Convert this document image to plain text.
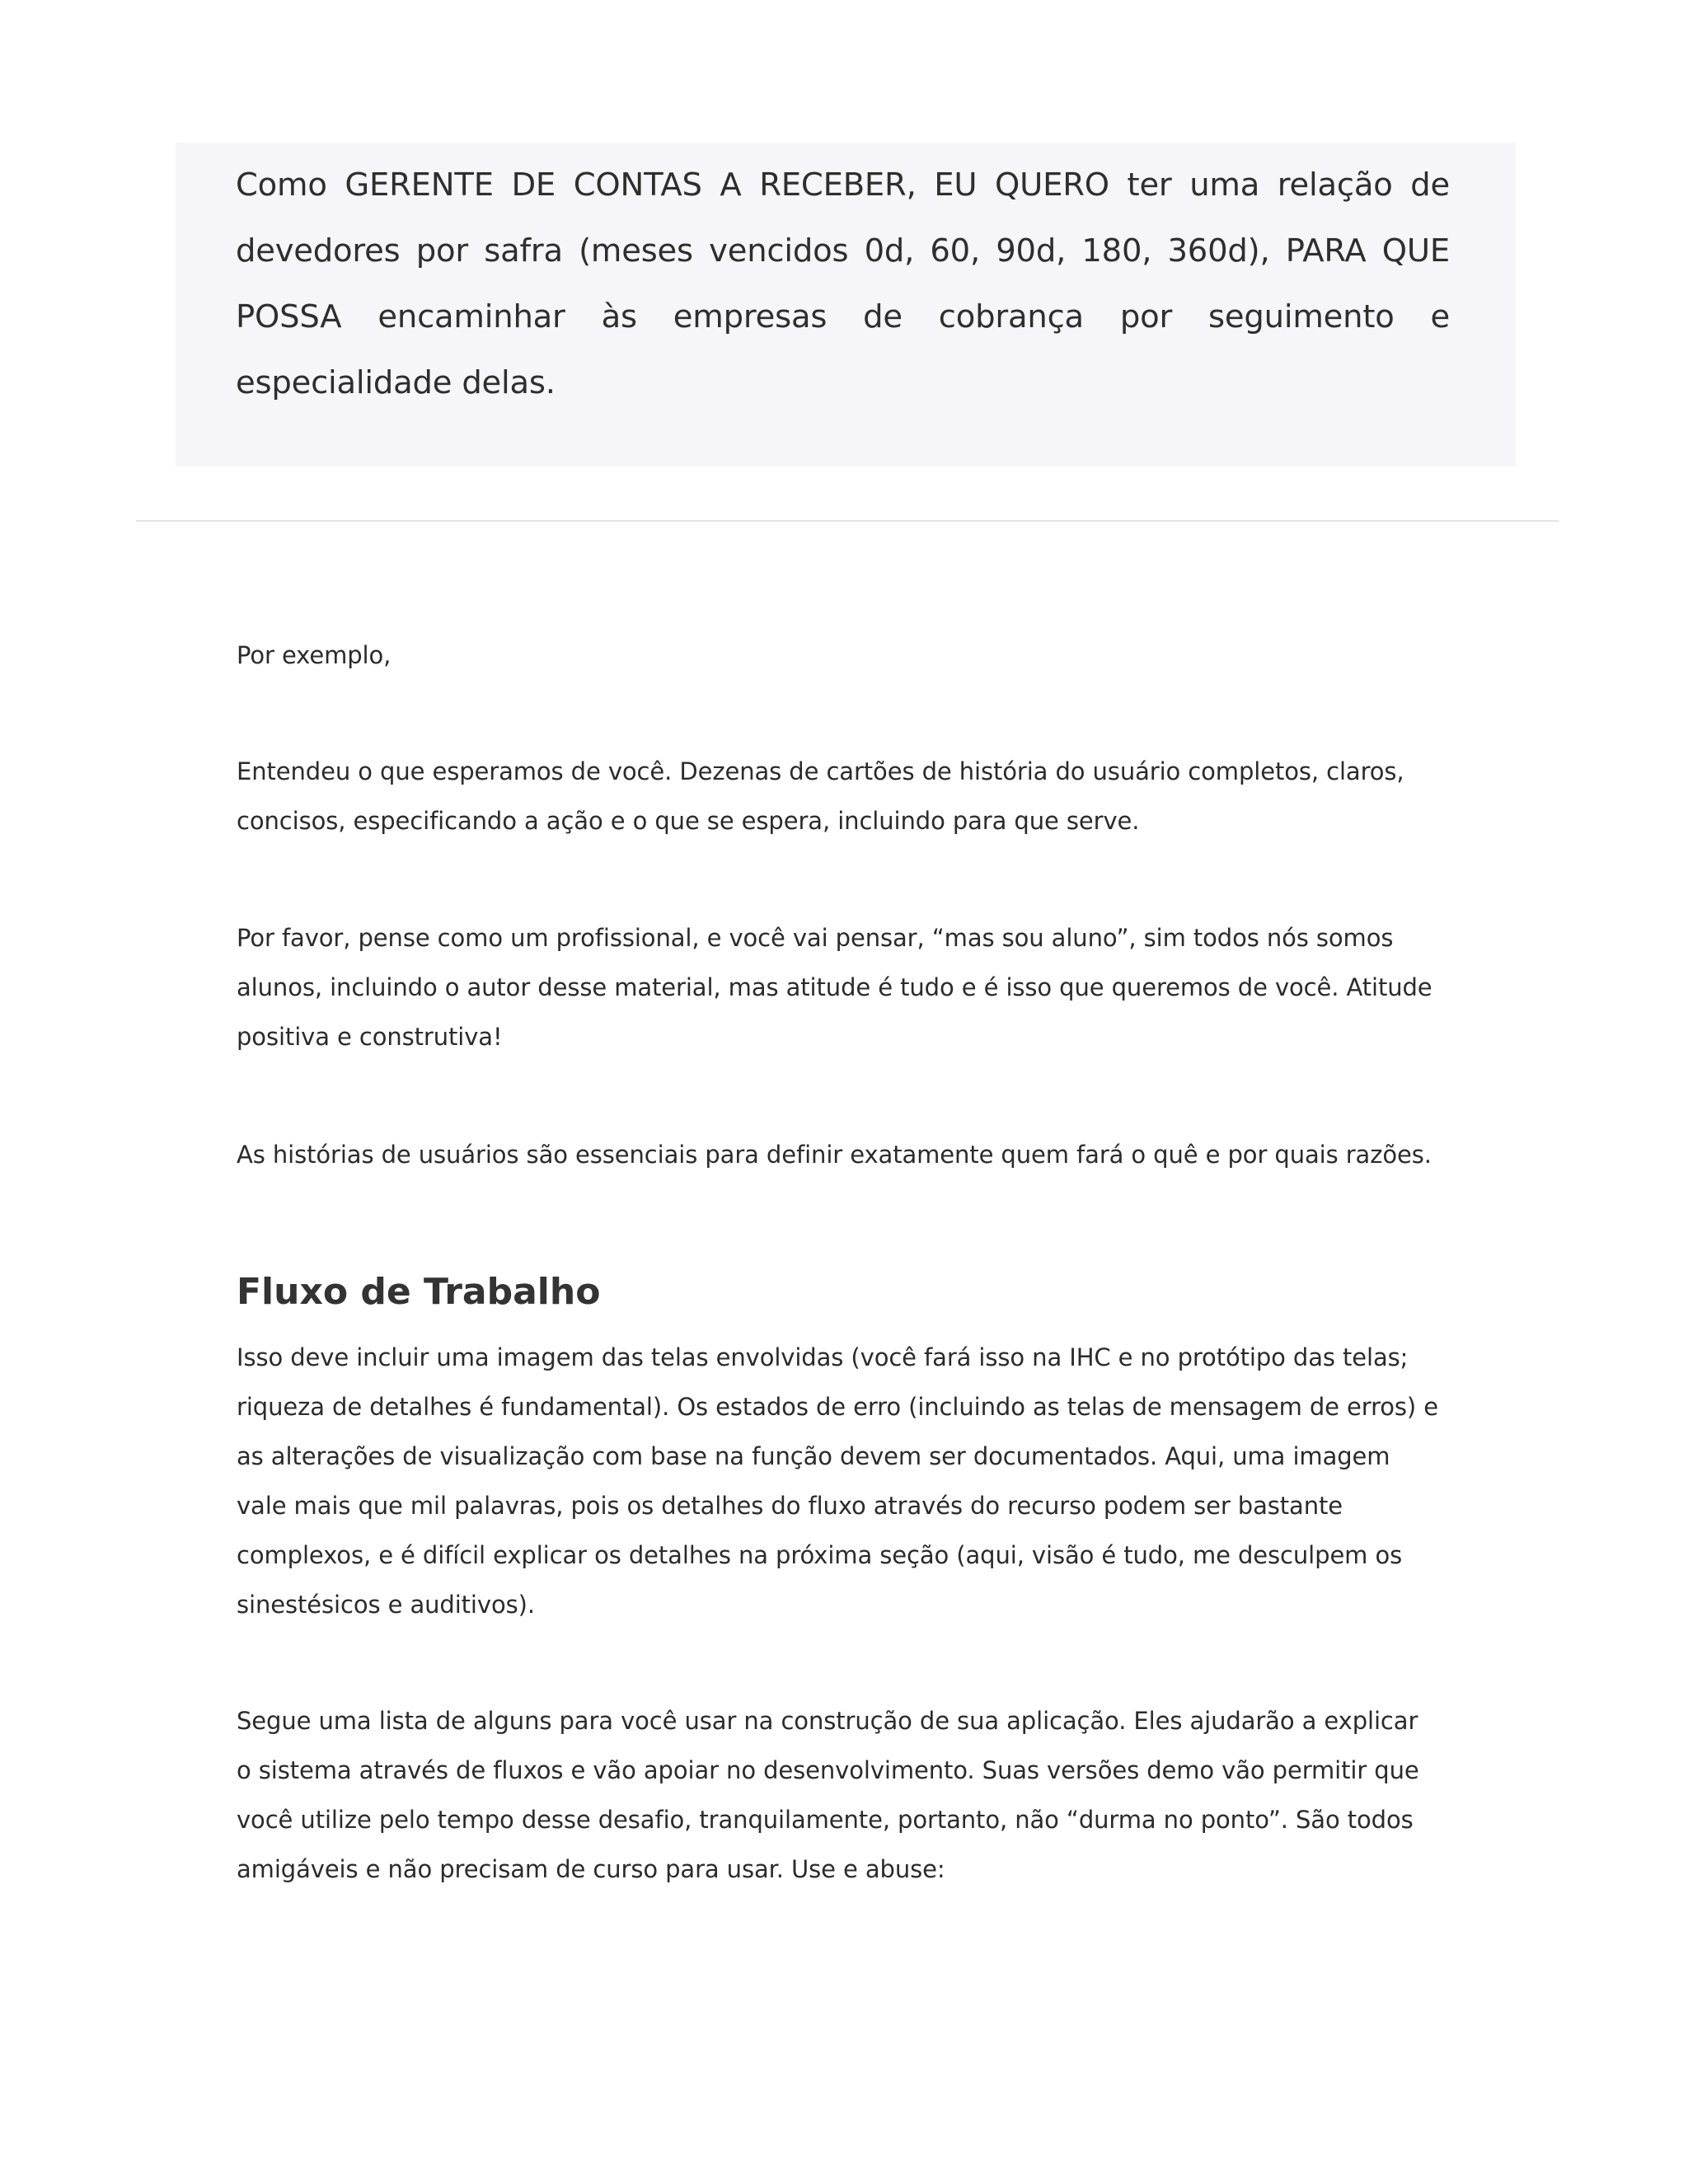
Como GERENTE DE CONTAS A RECEBER, EU QUERO ter uma relação de devedores por safra (meses vencidos 0d, 60, 90d, 180, 360d), PARA QUE POSSA encaminhar às empresas de cobrança por seguimento e especialidade delas.

Por exemplo,

Entendeu o que esperamos de você. Dezenas de cartões de história do usuário completos, claros, concisos, especificando a ação e o que se espera, incluindo para que serve.

Por favor, pense como um profissional, e você vai pensar, “mas sou aluno”, sim todos nós somos alunos, incluindo o autor desse material, mas atitude é tudo e é isso que queremos de você. Atitude positiva e construtiva!

As histórias de usuários são essenciais para definir exatamente quem fará o quê e por quais razões.

Fluxo de Trabalho

Isso deve incluir uma imagem das telas envolvidas (você fará isso na IHC e no protótipo das telas; riqueza de detalhes é fundamental). Os estados de erro (incluindo as telas de mensagem de erros) e as alterações de visualização com base na função devem ser documentados. Aqui, uma imagem vale mais que mil palavras, pois os detalhes do fluxo através do recurso podem ser bastante complexos, e é difícil explicar os detalhes na próxima seção (aqui, visão é tudo, me desculpem os sinestésicos e auditivos).

Segue uma lista de alguns para você usar na construção de sua aplicação. Eles ajudarão a explicar o sistema através de fluxos e vão apoiar no desenvolvimento. Suas versões demo vão permitir que você utilize pelo tempo desse desafio, tranquilamente, portanto, não “durma no ponto”. São todos amigáveis e não precisam de curso para usar. Use e abuse:
